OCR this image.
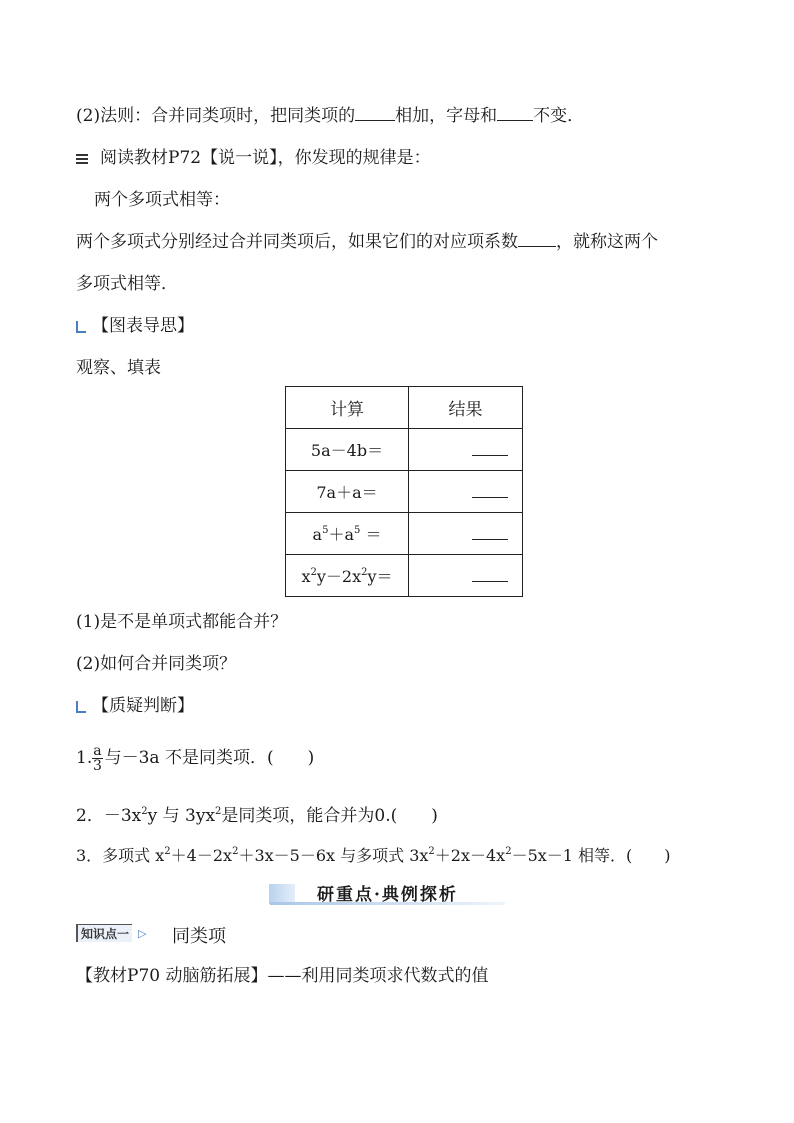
(2)法则：合并同类项时，把同类项的 相加，字母和 不变．
阅读教材P72【说一说】，你发现的规律是：
两个多项式相等：
两个多项式分别经过合并同类项后，如果它们的对应项系数 ，就称这两个
多项式相等．
【图表导思】
观察、填表
计算	结果
5a－4b＝	
7a＋a＝	
$a^5+a^5$ ＝	
$x^2y-2x^2y=$	
(1)是不是单项式都能合并？
(2)如何合并同类项？
【质疑判断】
1. $\frac{a}{3}$ 与－3a 不是同类项．(　　)
2．$-3x^2y$ 与 $3yx^2$是同类项，能合并为0.(　　)
3．多项式 $x^2+4-2x^2+3x-5-6x$ 与多项式 $3x^2+2x-4x^2-5x-1$ 相等．(　　)
研重点·典例探析
知识点一 ▷ 同类项
【教材P70 动脑筋拓展】——利用同类项求代数式的值
